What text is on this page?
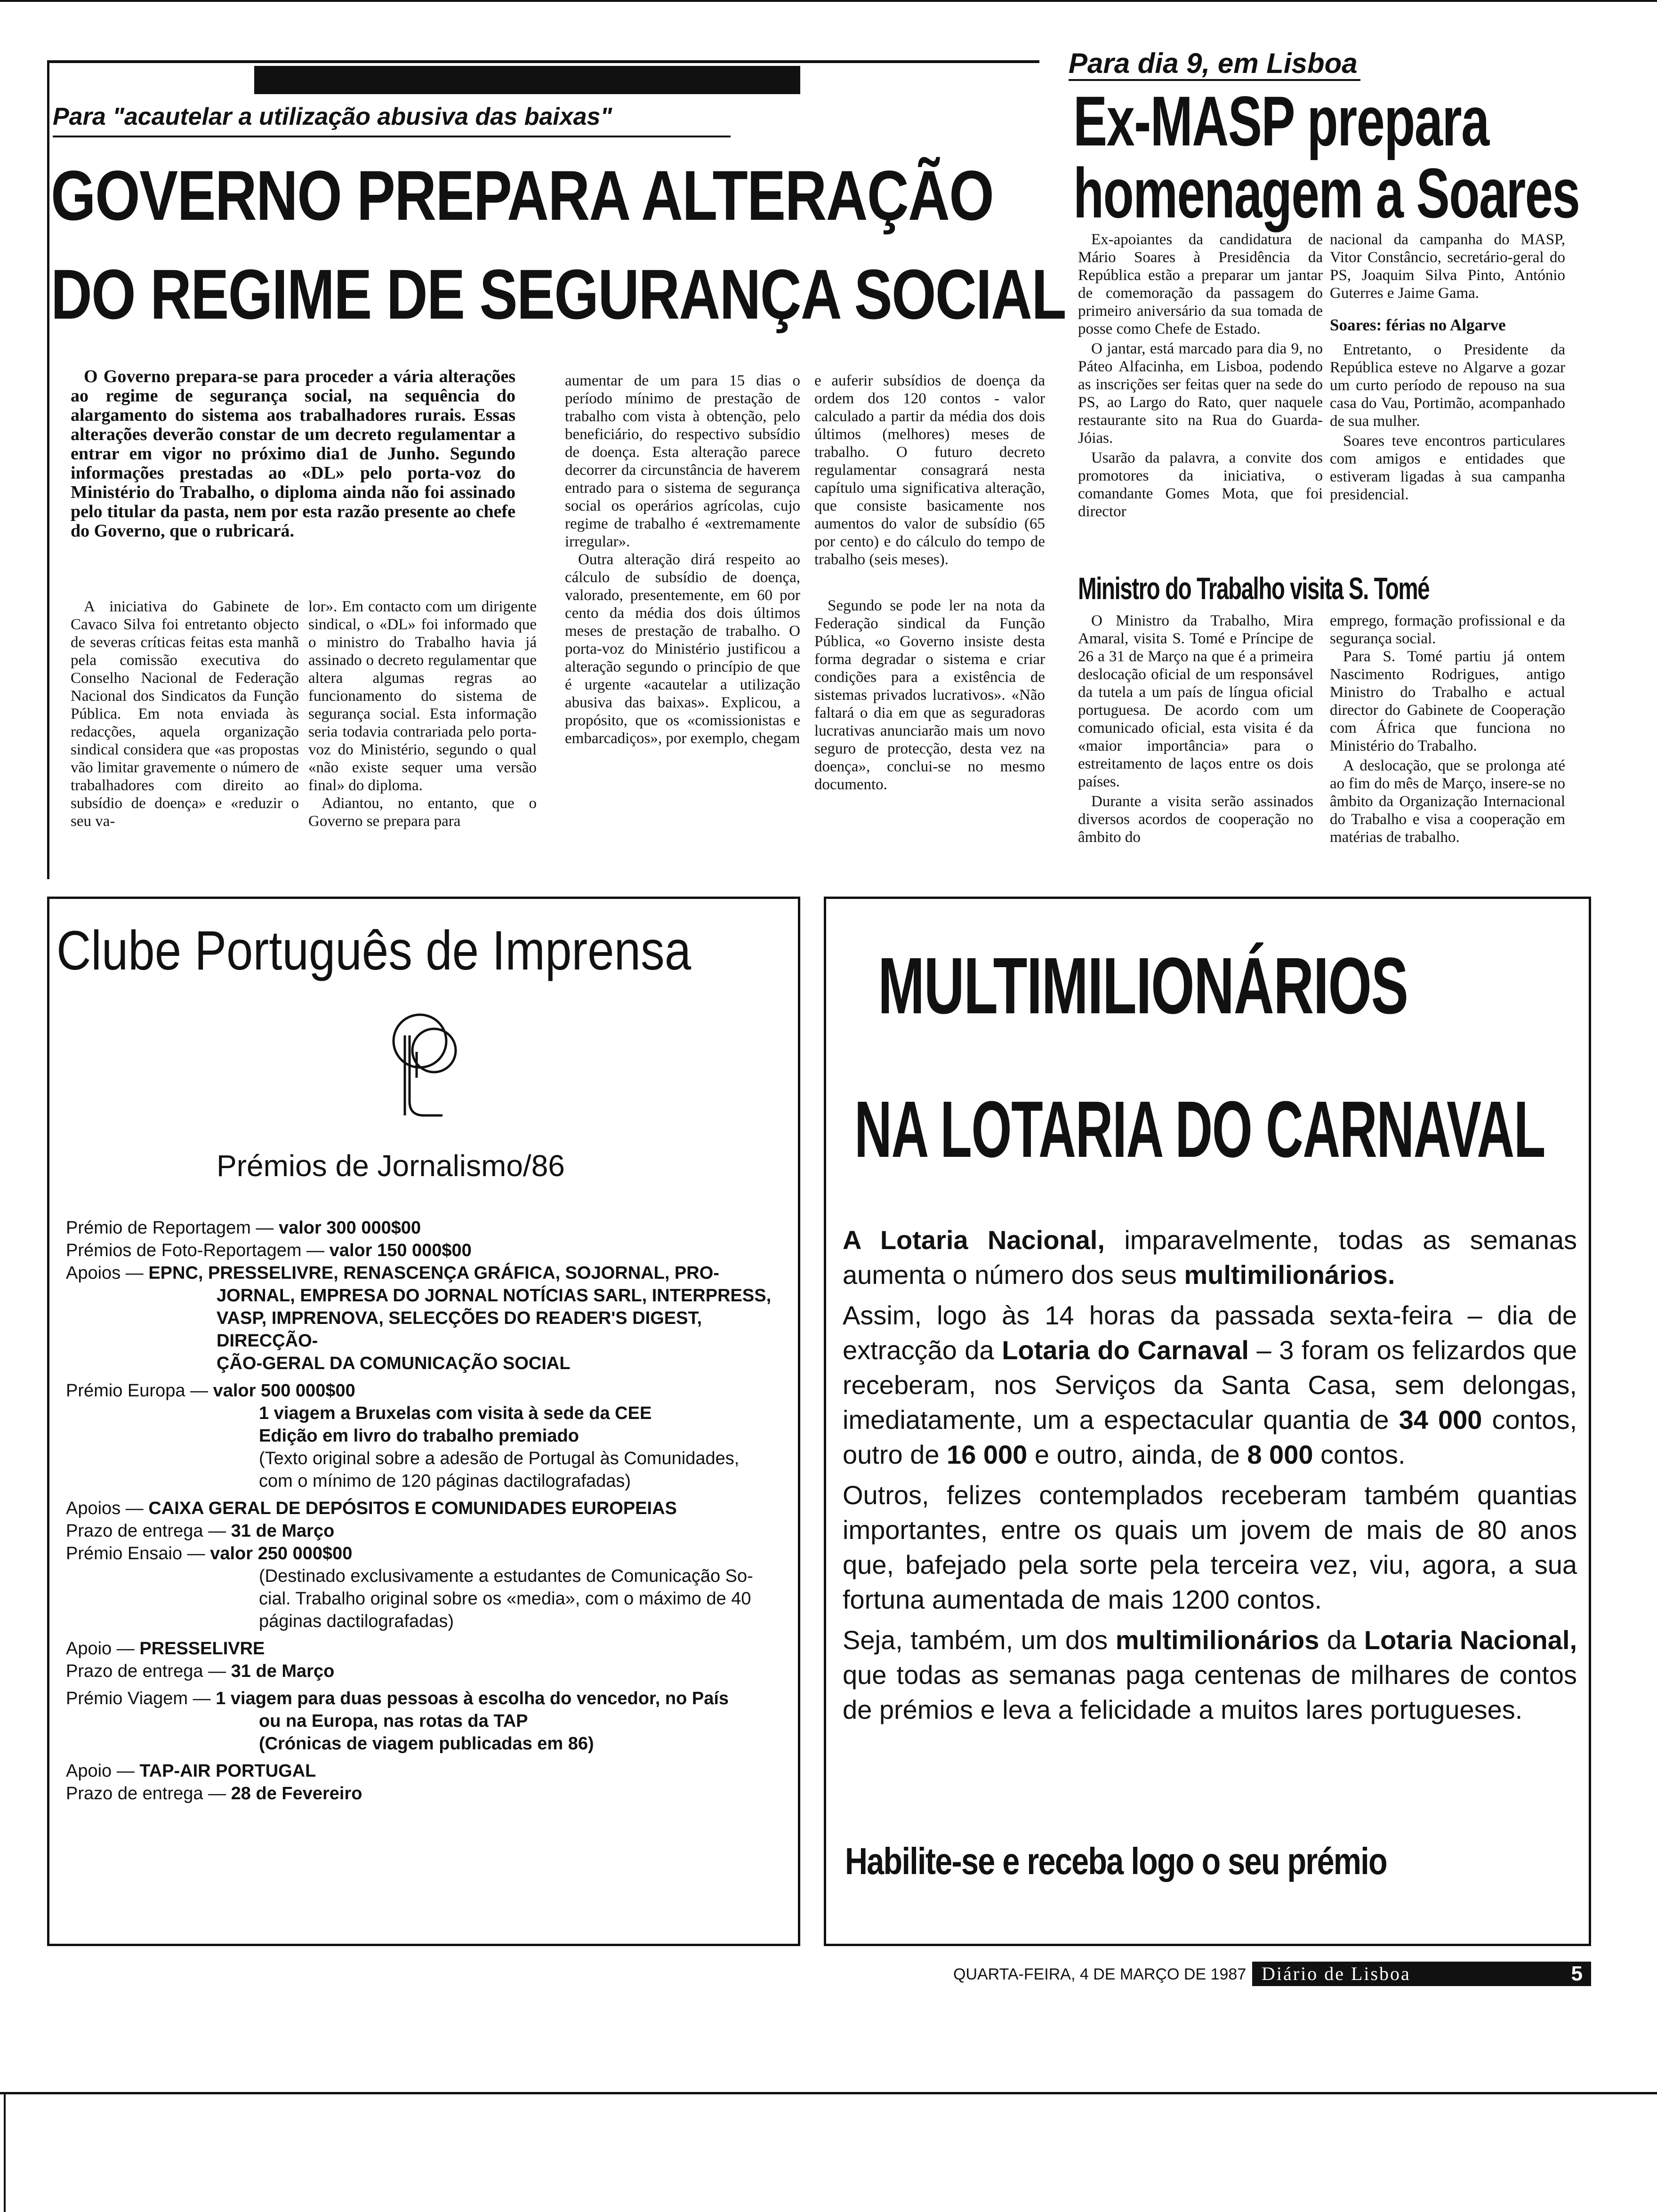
Para "acautelar a utilização abusiva das baixas"
GOVERNO PREPARA ALTERAÇÃO
DO REGIME DE SEGURANÇA SOCIAL

O Governo prepara-se para proceder a vária alterações ao regime de segurança social, na sequência do alargamento do sistema aos trabalhadores rurais. Essas alterações deverão constar de um decreto regulamentar a entrar em vigor no próximo dia1 de Junho. Segundo informações prestadas ao «DL» pelo porta-voz do Ministério do Trabalho, o diploma ainda não foi assinado pelo titular da pasta, nem por esta razão presente ao chefe do Governo, que o rubricará.

A iniciativa do Gabinete de Cavaco Silva foi entretanto objecto de severas críticas feitas esta manhã pela comissão executiva do Conselho Nacional de Federação Nacional dos Sindicatos da Função Pública. Em nota enviada às redacções, aquela organização sindical considera que «as propostas vão limitar gravemente o número de trabalhadores com direito ao subsídio de doença» e «reduzir o seu va-

lor». Em contacto com um dirigente sindical, o «DL» foi informado que o ministro do Trabalho havia já assinado o decreto regulamentar que altera algumas regras ao funcionamento do sistema de segurança social. Esta informação seria todavia contrariada pelo porta-voz do Ministério, segundo o qual «não existe sequer uma versão final» do diploma.

Adiantou, no entanto, que o Governo se prepara para

aumentar de um para 15 dias o período mínimo de prestação de trabalho com vista à obtenção, pelo beneficiário, do respectivo subsídio de doença. Esta alteração parece decorrer da circunstância de haverem entrado para o sistema de segurança social os operários agrícolas, cujo regime de trabalho é «extremamente irregular».

Outra alteração dirá respeito ao cálculo de subsídio de doença, valorado, presentemente, em 60 por cento da média dos dois últimos meses de prestação de trabalho. O porta-voz do Ministério justificou a alteração segundo o princípio de que é urgente «acautelar a utilização abusiva das baixas». Explicou, a propósito, que os «comissionistas e embarcadiços», por exemplo, chegam

e auferir subsídios de doença da ordem dos 120 contos - valor calculado a partir da média dos dois últimos (melhores) meses de trabalho. O futuro decreto regulamentar consagrará nesta capítulo uma significativa alteração, que consiste basicamente nos aumentos do valor de subsídio (65 por cento) e do cálculo do tempo de trabalho (seis meses).

Segundo se pode ler na nota da Federação sindical da Função Pública, «o Governo insiste desta forma degradar o sistema e criar condições para a existência de sistemas privados lucrativos». «Não faltará o dia em que as seguradoras lucrativas anunciarão mais um novo seguro de protecção, desta vez na doença», conclui-se no mesmo documento.

Para dia 9, em Lisboa
Ex-MASP prepara
homenagem a Soares

Ex-apoiantes da candidatura de Mário Soares à Presidência da República estão a preparar um jantar de comemoração da passagem do primeiro aniversário da sua tomada de posse como Chefe de Estado.

O jantar, está marcado para dia 9, no Páteo Alfacinha, em Lisboa, podendo as inscrições ser feitas quer na sede do PS, ao Largo do Rato, quer naquele restaurante sito na Rua do Guarda-Jóias.

Usarão da palavra, a convite dos promotores da iniciativa, o comandante Gomes Mota, que foi director

nacional da campanha do MASP, Vitor Constâncio, secretário-geral do PS, Joaquim Silva Pinto, António Guterres e Jaime Gama.

Soares: férias no Algarve

Entretanto, o Presidente da República esteve no Algarve a gozar um curto período de repouso na sua casa do Vau, Portimão, acompanhado de sua mulher.

Soares teve encontros particulares com amigos e entidades que estiveram ligadas à sua campanha presidencial.

Ministro do Trabalho visita S. Tomé

O Ministro da Trabalho, Mira Amaral, visita S. Tomé e Príncipe de 26 a 31 de Março na que é a primeira deslocação oficial de um responsável da tutela a um país de língua oficial portuguesa. De acordo com um comunicado oficial, esta visita é da «maior importância» para o estreitamento de laços entre os dois países.

Durante a visita serão assinados diversos acordos de cooperação no âmbito do

emprego, formação profissional e da segurança social.

Para S. Tomé partiu já ontem Nascimento Rodrigues, antigo Ministro do Trabalho e actual director do Gabinete de Cooperação com África que funciona no Ministério do Trabalho.

A deslocação, que se prolonga até ao fim do mês de Março, insere-se no âmbito da Organização Internacional do Trabalho e visa a cooperação em matérias de trabalho.

Clube Português de Imprensa
Prémios de Jornalismo/86

Prémio de Reportagem — valor 300 000$00

Prémios de Foto-Reportagem — valor 150 000$00

Apoios — EPNC, PRESSELIVRE, RENASCENÇA GRÁFICA, SOJORNAL, PRO-

JORNAL, EMPRESA DO JORNAL NOTÍCIAS SARL, INTERPRESS,

VASP, IMPRENOVA, SELECÇÕES DO READER'S DIGEST, DIRECÇÃO-

ÇÃO-GERAL DA COMUNICAÇÃO SOCIAL

Prémio Europa — valor 500 000$00

1 viagem a Bruxelas com visita à sede da CEE

Edição em livro do trabalho premiado

(Texto original sobre a adesão de Portugal às Comunidades,

com o mínimo de 120 páginas dactilografadas)

Apoios — CAIXA GERAL DE DEPÓSITOS E COMUNIDADES EUROPEIAS

Prazo de entrega — 31 de Março

Prémio Ensaio — valor 250 000$00

(Destinado exclusivamente a estudantes de Comunicação So-

cial. Trabalho original sobre os «media», com o máximo de 40

páginas dactilografadas)

Apoio — PRESSELIVRE

Prazo de entrega — 31 de Março

Prémio Viagem — 1 viagem para duas pessoas à escolha do vencedor, no País

ou na Europa, nas rotas da TAP

(Crónicas de viagem publicadas em 86)

Apoio — TAP-AIR PORTUGAL

Prazo de entrega — 28 de Fevereiro

MULTIMILIONÁRIOS
NA LOTARIA DO CARNAVAL

A Lotaria Nacional, imparavelmente, todas as semanas aumenta o número dos seus multimilionários.

Assim, logo às 14 horas da passada sexta-feira – dia de extracção da Lotaria do Carnaval – 3 foram os felizardos que receberam, nos Serviços da Santa Casa, sem delongas, imediatamente, um a espectacular quantia de 34 000 contos, outro de 16 000 e outro, ainda, de 8 000 contos.

Outros, felizes contemplados receberam também quantias importantes, entre os quais um jovem de mais de 80 anos que, bafejado pela sorte pela terceira vez, viu, agora, a sua fortuna aumentada de mais 1200 contos.

Seja, também, um dos multimilionários da Lotaria Nacional, que todas as semanas paga centenas de milhares de contos de prémios e leva a felicidade a muitos lares portugueses.

Habilite-se e receba logo o seu prémio
QUARTA-FEIRA, 4 DE MARÇO DE 1987 Diário de Lisboa	5
